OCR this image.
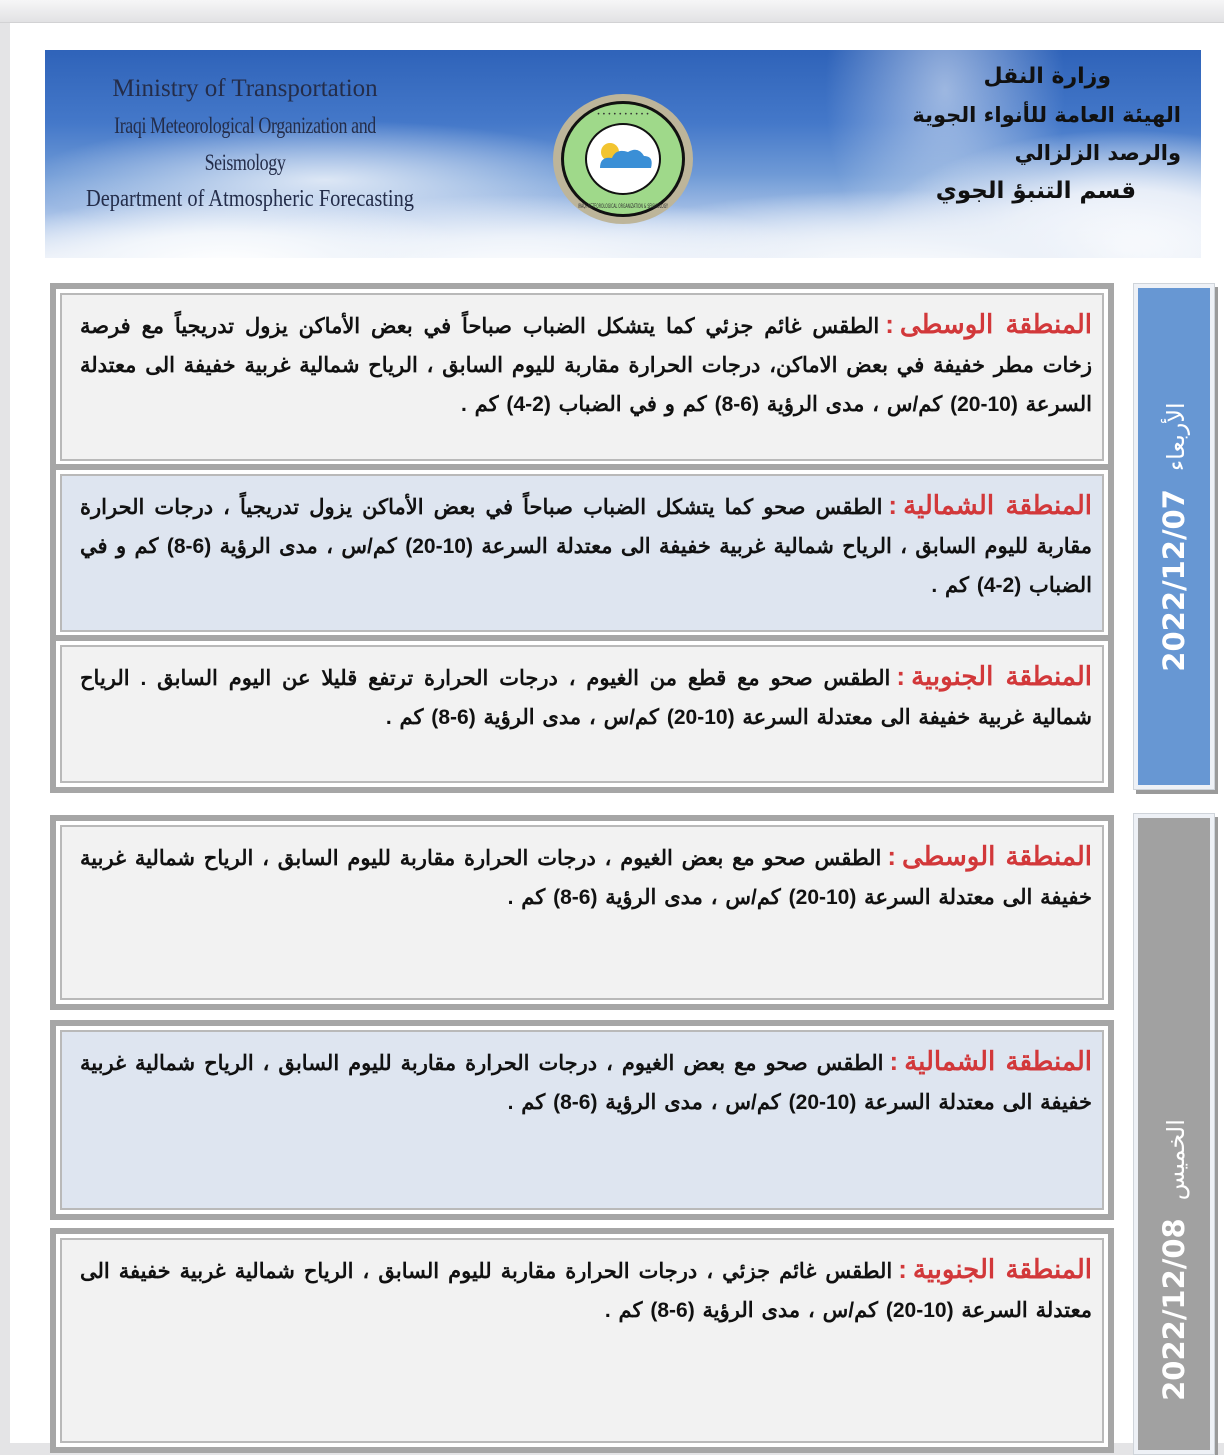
Ministry of Transportation
Iraqi Meteorological Organization and Seismology
Department of Atmospheric Forecasting
• • • • • • • • • •
IRAQI METEOROLOGICAL ORGANIZATION & SEISMOLOGY
وزارة النقل
الهيئة العامة للأنواء الجوية والرصد الزلزالي
قسم التنبؤ الجوي
2022/12/07الأربعاء
المنطقة الوسطى:الطقس غائم جزئي كما يتشكل الضباب صباحاً في بعض الأماكن يزول تدريجياً مع فرصة زخات مطر خفيفة في بعض الاماكن، درجات الحرارة مقاربة لليوم السابق ، الرياح شمالية غربية خفيفة الى معتدلة السرعة (10-20) كم/س ، مدى الرؤية (6-8) كم و في الضباب (2-4) كم .
المنطقة الشمالية:الطقس صحو كما يتشكل الضباب صباحاً في بعض الأماكن يزول تدريجياً ، درجات الحرارة مقاربة لليوم السابق ، الرياح شمالية غربية خفيفة الى معتدلة السرعة (10-20) كم/س ، مدى الرؤية (6-8) كم و في الضباب (2-4) كم .
المنطقة الجنوبية:الطقس صحو مع قطع من الغيوم ، درجات الحرارة ترتفع قليلا عن اليوم السابق . الرياح شمالية غربية خفيفة الى معتدلة السرعة (10-20) كم/س ، مدى الرؤية (6-8) كم .
2022/12/08الخميس
المنطقة الوسطى:الطقس صحو مع بعض الغيوم ، درجات الحرارة مقاربة لليوم السابق ، الرياح شمالية غربية خفيفة الى معتدلة السرعة (10-20) كم/س ، مدى الرؤية (6-8) كم .
المنطقة الشمالية:الطقس صحو مع بعض الغيوم ، درجات الحرارة مقاربة لليوم السابق ، الرياح شمالية غربية خفيفة الى معتدلة السرعة (10-20) كم/س ، مدى الرؤية (6-8) كم .
المنطقة الجنوبية:الطقس غائم جزئي ، درجات الحرارة مقاربة لليوم السابق ، الرياح شمالية غربية خفيفة الى معتدلة السرعة (10-20) كم/س ، مدى الرؤية (6-8) كم .
